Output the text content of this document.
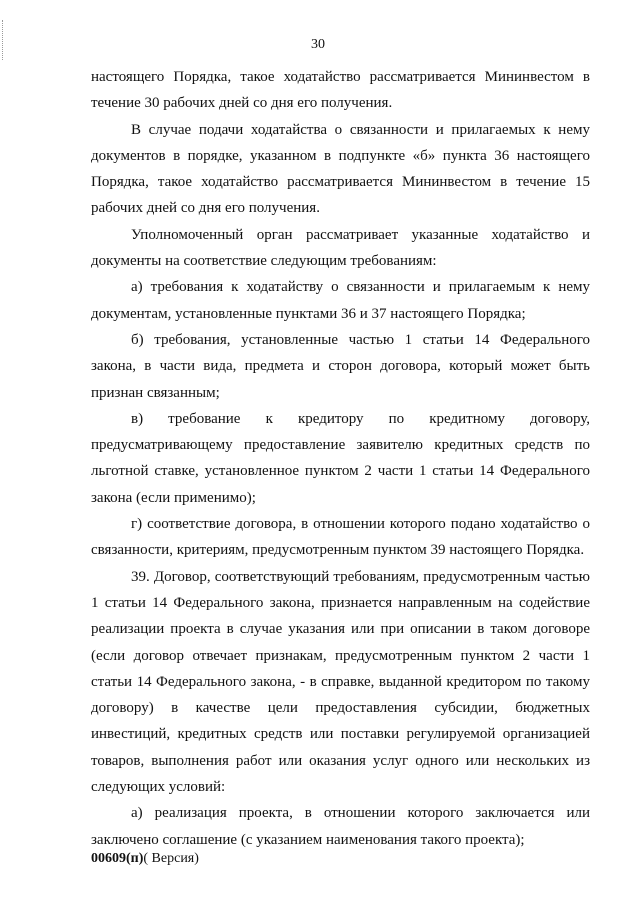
30

настоящего Порядка, такое ходатайство рассматривается Мининвестом в течение 30 рабочих дней со дня его получения.

В случае подачи ходатайства о связанности и прилагаемых к нему документов в порядке, указанном в подпункте «б» пункта 36 настоящего Порядка, такое ходатайство рассматривается Мининвестом в течение 15 рабочих дней со дня его получения.

Уполномоченный орган рассматривает указанные ходатайство и документы на соответствие следующим требованиям:

а) требования к ходатайству о связанности и прилагаемым к нему документам, установленные пунктами 36 и 37 настоящего Порядка;

б) требования, установленные частью 1 статьи 14 Федерального закона, в части вида, предмета и сторон договора, который может быть признан связанным;

в) требование к кредитору по кредитному договору, предусматривающему предоставление заявителю кредитных средств по льготной ставке, установленное пунктом 2 части 1 статьи 14 Федерального закона (если применимо);

г) соответствие договора, в отношении которого подано ходатайство о связанности, критериям, предусмотренным пунктом 39 настоящего Порядка.

39. Договор, соответствующий требованиям, предусмотренным частью 1 статьи 14 Федерального закона, признается направленным на содействие реализации проекта в случае указания или при описании в таком договоре (если договор отвечает признакам, предусмотренным пунктом 2 части 1 статьи 14 Федерального закона, - в справке, выданной кредитором по такому договору) в качестве цели предоставления субсидии, бюджетных инвестиций, кредитных средств или поставки регулируемой организацией товаров, выполнения работ или оказания услуг одного или нескольких из следующих условий:

а) реализация проекта, в отношении которого заключается или заключено соглашение (с указанием наименования такого проекта);

00609(п)( Версия)
